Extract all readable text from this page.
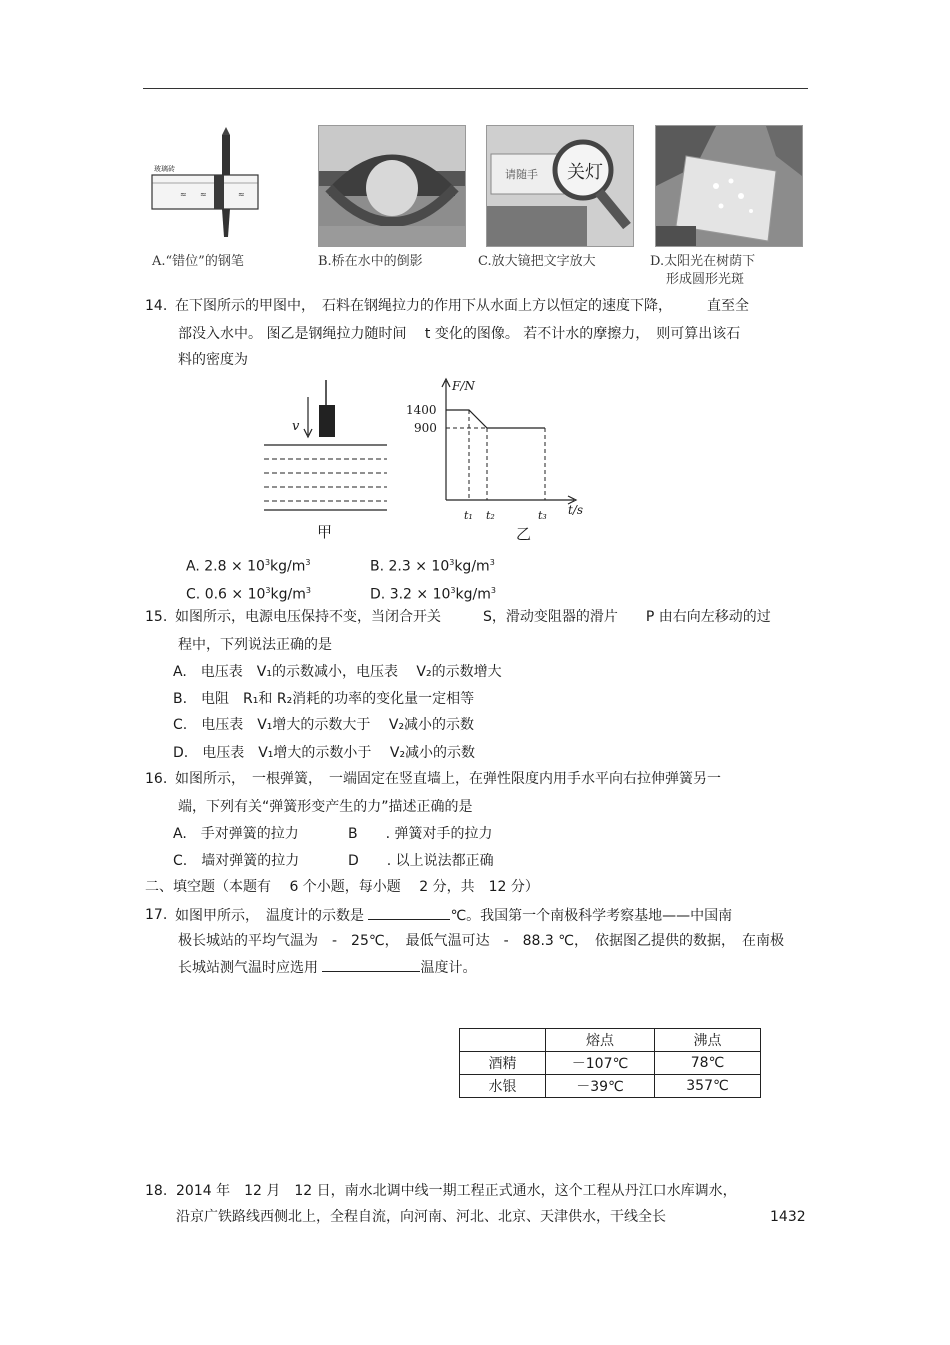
≈ ≈	≈
玻璃砖	请随手 关灯
A.“错位”的钢笔	B.桥在水中的倒影	C.放大镜把文字放大	D.太阳光在树荫下
形成圆形光斑
14. 在下图所示的甲图中，　石料在钢绳拉力的作用下从水面上方以恒定的速度下降，　　　直至全
部没入水中。 图乙是钢绳拉力随时间　 t 变化的图像。 若不计水的摩擦力，　则可算出该石
料的密度为
v
甲
F/N
1400
900
t₁ t₂	t₃ t/s
乙
A. $2.8 \times 10^3kg/m^3$	B. $2.3 \times 10^3kg/m^3$
C. $0.6 \times 10^3kg/m^3$	D. $3.2 \times 10^3kg/m^3$
15. 如图所示，电源电压保持不变，当闭合开关　　　S，滑动变阻器的滑片　　P 由右向左移动的过
程中，下列说法正确的是
A.　电压表　V₁的示数减小，电压表　 V₂的示数增大
B.　电阻　R₁和 R₂消耗的功率的变化量一定相等
C.　电压表　V₁增大的示数大于　 V₂减小的示数
D.　电压表　V₁增大的示数小于　 V₂减小的示数
16. 如图所示，　一根弹簧，　一端固定在竖直墙上，在弹性限度内用手水平向右拉伸弹簧另一
端，下列有关“弹簧形变产生的力”描述正确的是
A.　手对弹簧的拉力	B　　. 弹簧对手的拉力
C.　墙对弹簧的拉力	D　　. 以上说法都正确
二、填空题（本题有　 6 个小题，每小题　 2 分，共　12 分）
17. 如图甲所示，　温度计的示数是	℃。我国第一个南极科学考察基地——中国南
极长城站的平均气温为　-　25℃，　最低气温可达　-　88.3 ℃，　依据图乙提供的数据，　在南极
长城站测气温时应选用	温度计。
	熔点	沸点
酒精	－107℃	78℃
水银	－39℃	357℃
18. 2014 年　12 月　12 日，南水北调中线一期工程正式通水，这个工程从丹江口水库调水，
沿京广铁路线西侧北上，全程自流，向河南、河北、北京、天津供水，干线全长	1432
